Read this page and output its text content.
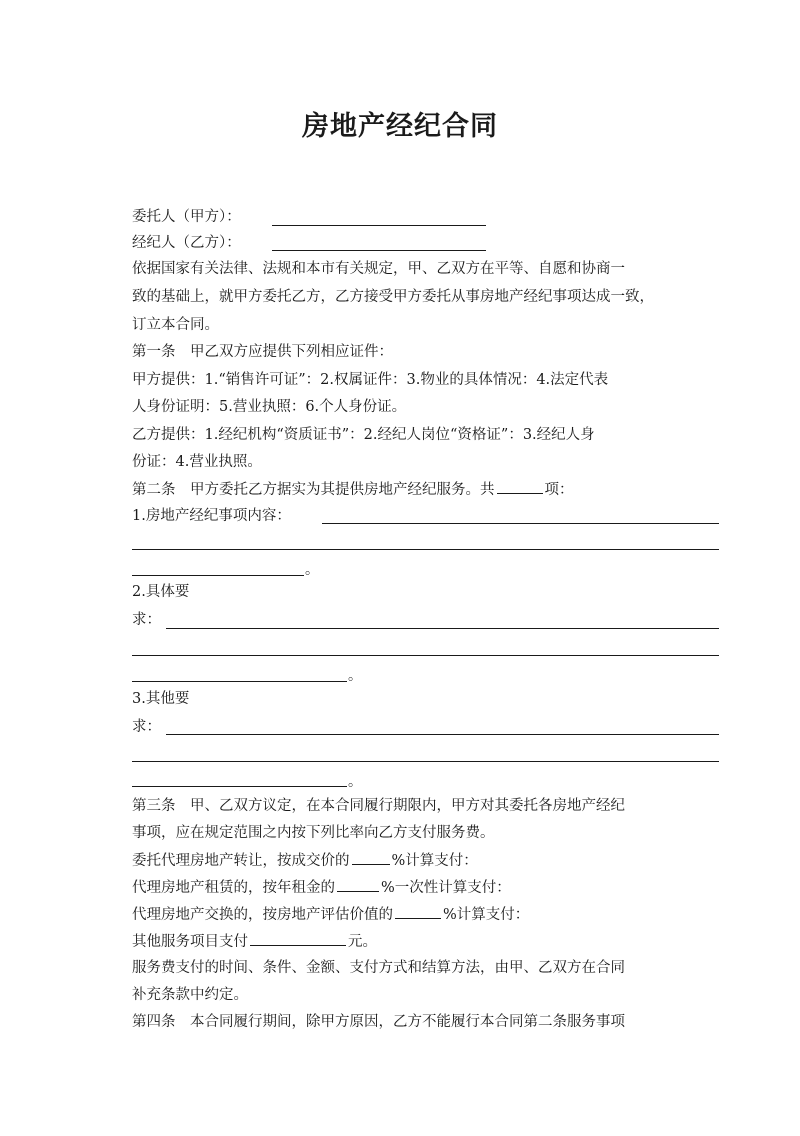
房地产经纪合同
委托人（甲方）：
经纪人（乙方）：
依据国家有关法律、法规和本市有关规定，甲、乙双方在平等、自愿和协商一
致的基础上，就甲方委托乙方，乙方接受甲方委托从事房地产经纪事项达成一致，
订立本合同。
第一条　甲乙双方应提供下列相应证件：
甲方提供：1.“销售许可证”：2.权属证件：3.物业的具体情况：4.法定代表
人身份证明：5.营业执照：6.个人身份证。
乙方提供：1.经纪机构“资质证书”：2.经纪人岗位“资格证”：3.经纪人身
份证：4.营业执照。
第二条　甲方委托乙方据实为其提供房地产经纪服务。共	项：
1.房地产经纪事项内容：
。
2.具体要
求：
。
3.其他要
求：
。
第三条　甲、乙双方议定，在本合同履行期限内，甲方对其委托各房地产经纪
事项，应在规定范围之内按下列比率向乙方支付服务费。
委托代理房地产转让，按成交价的	%计算支付：
代理房地产租赁的，按年租金的	%一次性计算支付：
代理房地产交换的，按房地产评估价值的	%计算支付：
其他服务项目支付	元。
服务费支付的时间、条件、金额、支付方式和结算方法，由甲、乙双方在合同
补充条款中约定。
第四条　本合同履行期间，除甲方原因，乙方不能履行本合同第二条服务事项
